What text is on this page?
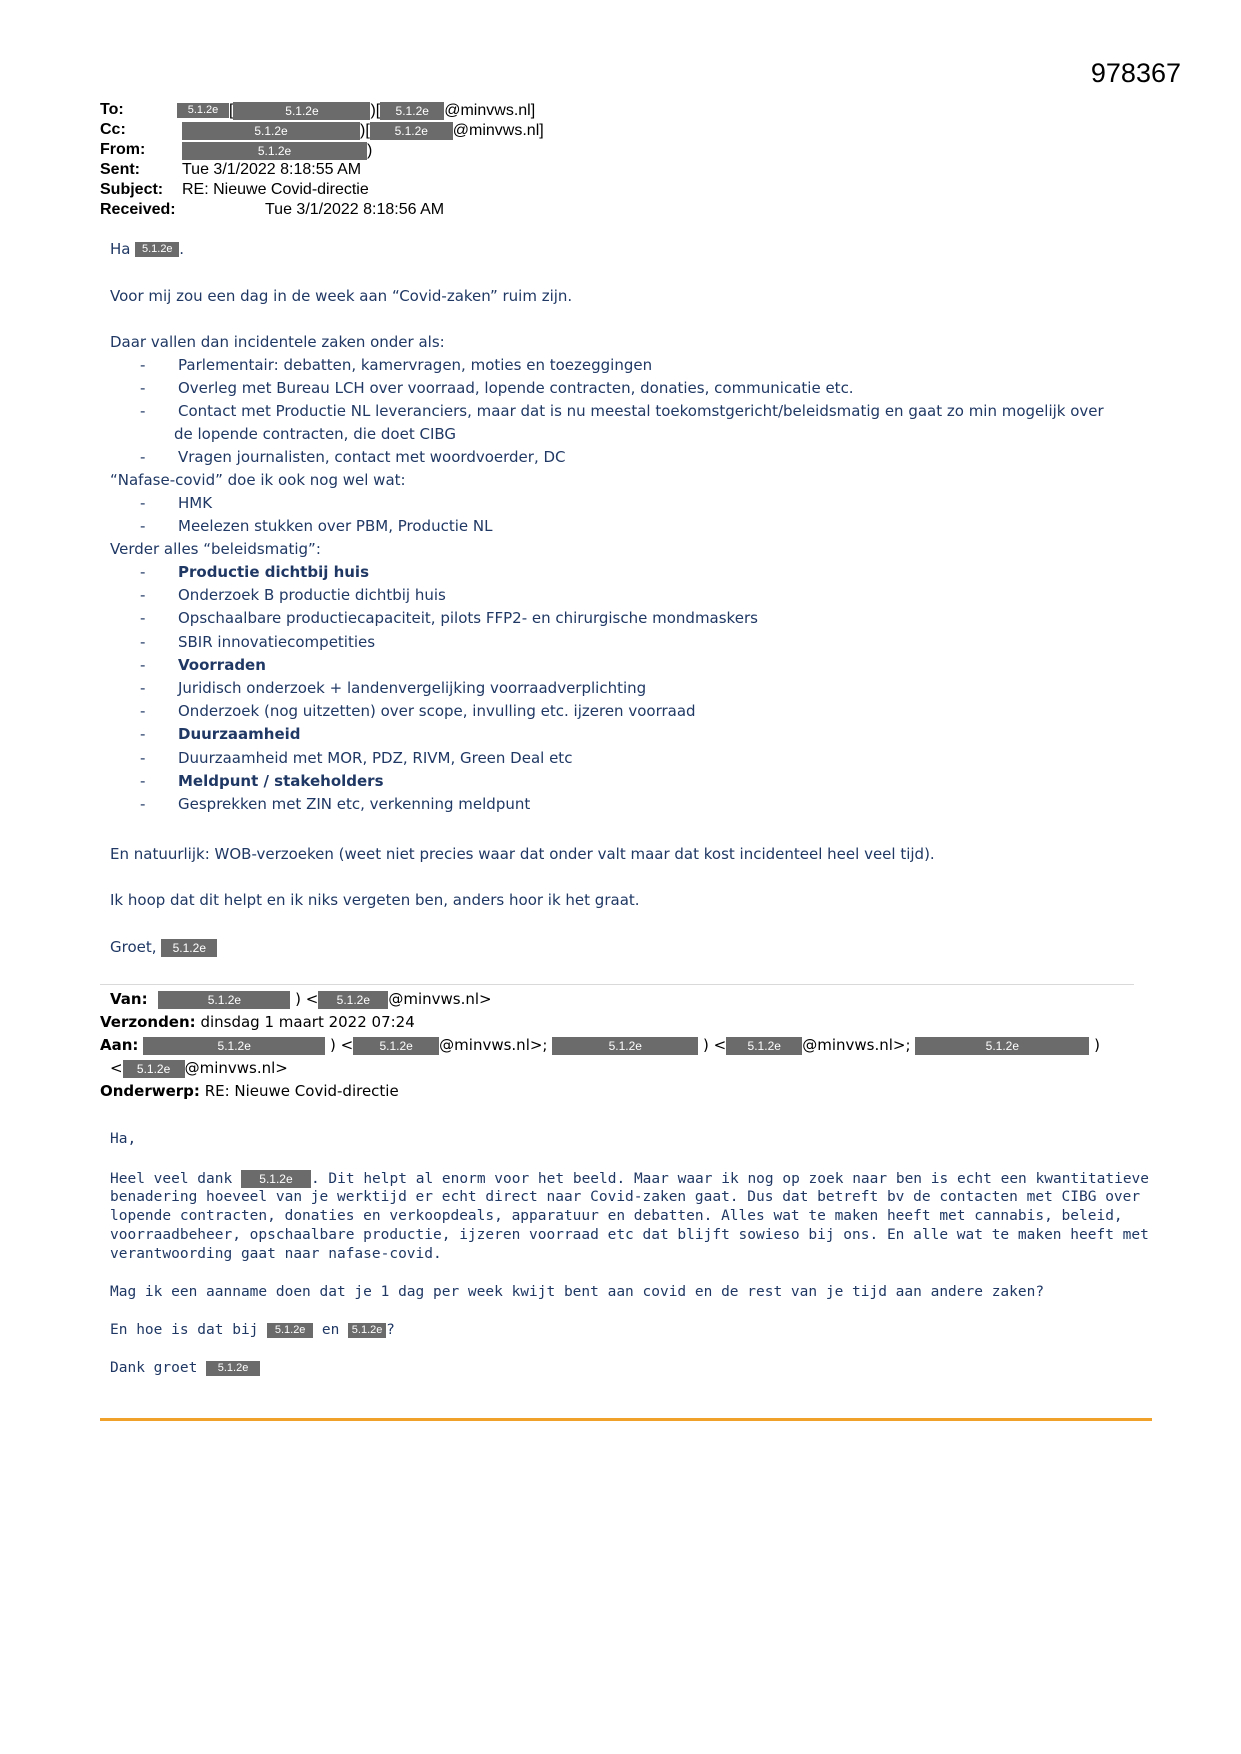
978367
To:	5.1.2e [	5.1.2e	)[ 5.1.2e @minvws.nl]
Cc:	5.1.2e	)[ 5.1.2e @minvws.nl]
From:	5.1.2e	)
Sent:	Tue 3/1/2022 8:18:55 AM
Subject: RE: Nieuwe Covid-directie
Received:	Tue 3/1/2022 8:18:56 AM
Ha 5.1.2e .
Voor mij zou een dag in de week aan “Covid-zaken” ruim zijn.
Daar vallen dan incidentele zaken onder als:
- Parlementair: debatten, kamervragen, moties en toezeggingen
- Overleg met Bureau LCH over voorraad, lopende contracten, donaties, communicatie etc.
- Contact met Productie NL leveranciers, maar dat is nu meestal toekomstgericht/beleidsmatig en gaat zo min mogelijk over
de lopende contracten, die doet CIBG
- Vragen journalisten, contact met woordvoerder, DC
“Nafase-covid” doe ik ook nog wel wat:
- HMK
- Meelezen stukken over PBM, Productie NL
Verder alles “beleidsmatig”:
- Productie dichtbij huis
- Onderzoek B productie dichtbij huis
- Opschaalbare productiecapaciteit, pilots FFP2- en chirurgische mondmaskers
- SBIR innovatiecompetities
- Voorraden
- Juridisch onderzoek + landenvergelijking voorraadverplichting
- Onderzoek (nog uitzetten) over scope, invulling etc. ijzeren voorraad
- Duurzaamheid
- Duurzaamheid met MOR, PDZ, RIVM, Green Deal etc
- Meldpunt / stakeholders
- Gesprekken met ZIN etc, verkenning meldpunt
En natuurlijk: WOB-verzoeken (weet niet precies waar dat onder valt maar dat kost incidenteel heel veel tijd).
Ik hoop dat dit helpt en ik niks vergeten ben, anders hoor ik het graat.
Groet, 5.1.2e
Van:	5.1.2e	) < 5.1.2e @minvws.nl>
Verzonden: dinsdag 1 maart 2022 07:24
Aan:	5.1.2e	) < 5.1.2e @minvws.nl>;	5.1.2e	) < 5.1.2e @minvws.nl>;	5.1.2e	)
< 5.1.2e @minvws.nl>
Onderwerp: RE: Nieuwe Covid-directie
Ha,
Heel veel dank 5.1.2e . Dit helpt al enorm voor het beeld. Maar waar ik nog op zoek naar ben is echt een kwantitatieve
benadering hoeveel van je werktijd er echt direct naar Covid-zaken gaat. Dus dat betreft bv de contacten met CIBG over
lopende contracten, donaties en verkoopdeals, apparatuur en debatten. Alles wat te maken heeft met cannabis, beleid,
voorraadbeheer, opschaalbare productie, ijzeren voorraad etc dat blijft sowieso bij ons. En alle wat te maken heeft met
verantwoording gaat naar nafase-covid.
Mag ik een aanname doen dat je 1 dag per week kwijt bent aan covid en de rest van je tijd aan andere zaken?
En hoe is dat bij 5.1.2e en 5.1.2e ?
Dank groet 5.1.2e
